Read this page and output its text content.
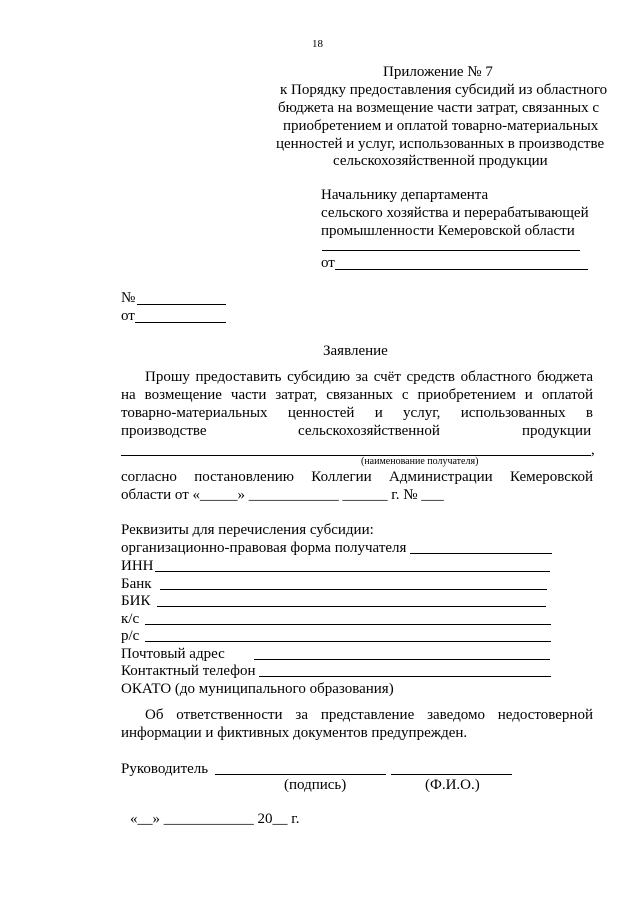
18
Приложение № 7
к Порядку предоставления субсидий из областного
бюджета на возмещение части затрат, связанных с
приобретением и оплатой товарно-материальных
ценностей и услуг, использованных в производстве
сельскохозяйственной продукции
Начальнику департамента
сельского хозяйства и перерабатывающей
промышленности Кемеровской области
от
№
от
Заявление
Прошу предоставить субсидию за счёт средств областного бюджета
на возмещение части затрат, связанных с приобретением и оплатой
товарно-материальных ценностей и услуг, использованных в
производстве	сельскохозяйственной	продукции
,
(наименование получателя)
согласно постановлению Коллегии Администрации Кемеровской
области от «_____» ____________ ______ г. № ___
Реквизиты для перечисления субсидии:
организационно-правовая форма получателя
ИНН
Банк
БИК
к/с
р/с
Почтовый адрес
Контактный телефон
ОКАТО (до муниципального образования)
Об ответственности за представление заведомо недостоверной
информации и фиктивных документов предупрежден.
Руководитель
(подпись)	(Ф.И.О.)
«__» ____________ 20__ г.
